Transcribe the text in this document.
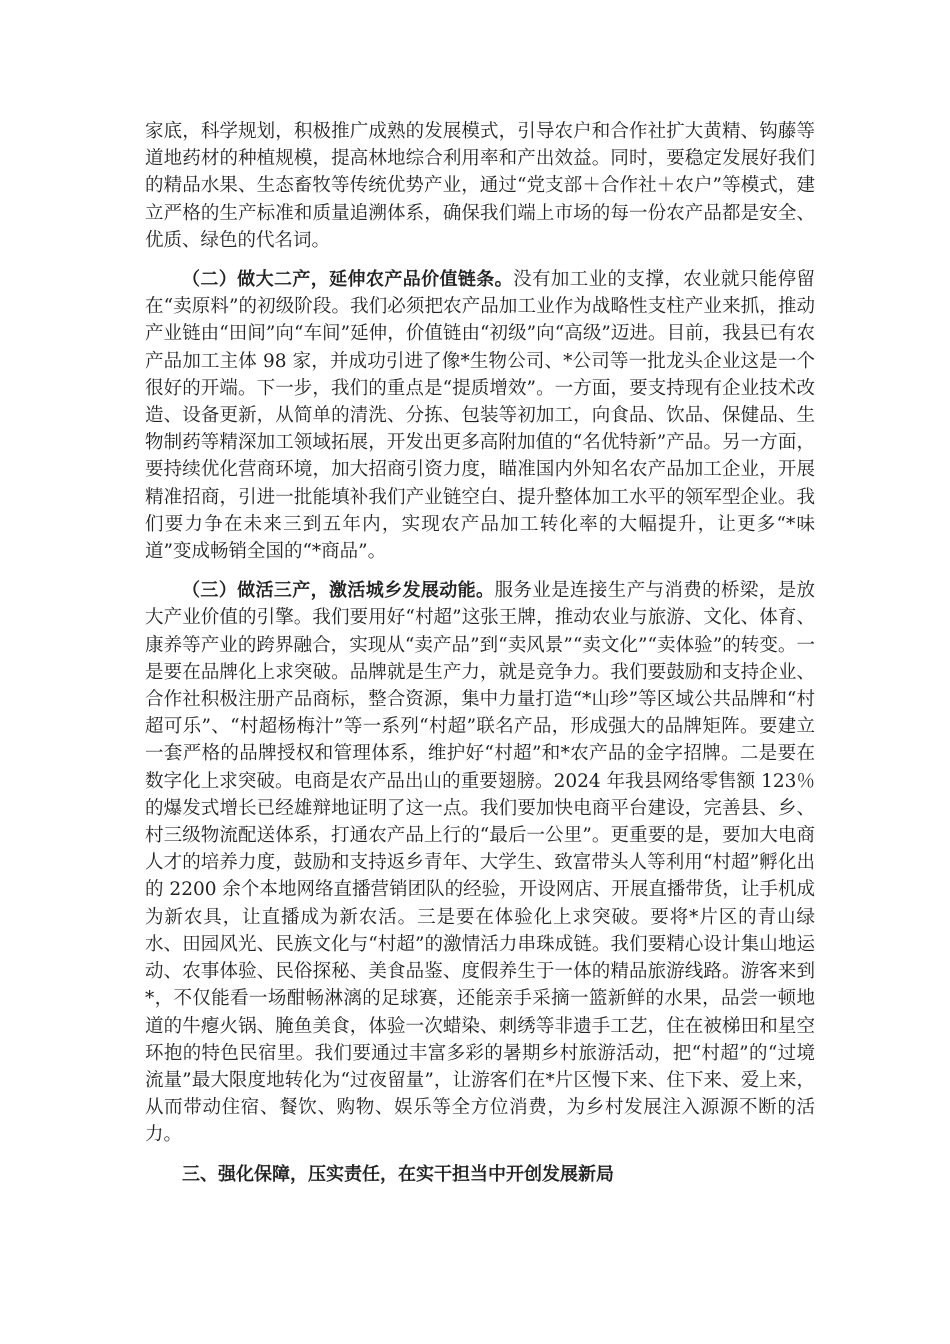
家底，科学规划，积极推广成熟的发展模式，引导农户和合作社扩大黄精、钩藤等道地药材的种植规模，提高林地综合利用率和产出效益。同时，要稳定发展好我们的精品水果、生态畜牧等传统优势产业，通过“党支部＋合作社＋农户”等模式，建立严格的生产标准和质量追溯体系，确保我们端上市场的每一份农产品都是安全、优质、绿色的代名词。

（二）做大二产，延伸农产品价值链条。没有加工业的支撑，农业就只能停留在“卖原料”的初级阶段。我们必须把农产品加工业作为战略性支柱产业来抓，推动产业链由“田间”向“车间”延伸，价值链由“初级”向“高级”迈进。目前，我县已有农产品加工主体 98 家，并成功引进了像*生物公司、*公司等一批龙头企业这是一个很好的开端。下一步，我们的重点是“提质增效”。一方面，要支持现有企业技术改造、设备更新，从简单的清洗、分拣、包装等初加工，向食品、饮品、保健品、生物制药等精深加工领域拓展，开发出更多高附加值的“名优特新”产品。另一方面，要持续优化营商环境，加大招商引资力度，瞄准国内外知名农产品加工企业，开展精准招商，引进一批能填补我们产业链空白、提升整体加工水平的领军型企业。我们要力争在未来三到五年内，实现农产品加工转化率的大幅提升，让更多“*味道”变成畅销全国的“*商品”。

（三）做活三产，激活城乡发展动能。服务业是连接生产与消费的桥梁，是放大产业价值的引擎。我们要用好“村超”这张王牌，推动农业与旅游、文化、体育、康养等产业的跨界融合，实现从“卖产品”到“卖风景”“卖文化”“卖体验”的转变。一是要在品牌化上求突破。品牌就是生产力，就是竞争力。我们要鼓励和支持企业、合作社积极注册产品商标，整合资源，集中力量打造“*山珍”等区域公共品牌和“村超可乐”、“村超杨梅汁”等一系列“村超”联名产品，形成强大的品牌矩阵。要建立一套严格的品牌授权和管理体系，维护好“村超”和*农产品的金字招牌。二是要在数字化上求突破。电商是农产品出山的重要翅膀。2024 年我县网络零售额 123％的爆发式增长已经雄辩地证明了这一点。我们要加快电商平台建设，完善县、乡、村三级物流配送体系，打通农产品上行的“最后一公里”。更重要的是，要加大电商人才的培养力度，鼓励和支持返乡青年、大学生、致富带头人等利用“村超”孵化出的 2200 余个本地网络直播营销团队的经验，开设网店、开展直播带货，让手机成为新农具，让直播成为新农活。三是要在体验化上求突破。要将*片区的青山绿水、田园风光、民族文化与“村超”的激情活力串珠成链。我们要精心设计集山地运动、农事体验、民俗探秘、美食品鉴、度假养生于一体的精品旅游线路。游客来到*，不仅能看一场酣畅淋漓的足球赛，还能亲手采摘一篮新鲜的水果，品尝一顿地道的牛瘪火锅、腌鱼美食，体验一次蜡染、刺绣等非遗手工艺，住在被梯田和星空环抱的特色民宿里。我们要通过丰富多彩的暑期乡村旅游活动，把“村超”的“过境流量”最大限度地转化为“过夜留量”，让游客们在*片区慢下来、住下来、爱上来，从而带动住宿、餐饮、购物、娱乐等全方位消费，为乡村发展注入源源不断的活力。

三、强化保障，压实责任，在实干担当中开创发展新局
